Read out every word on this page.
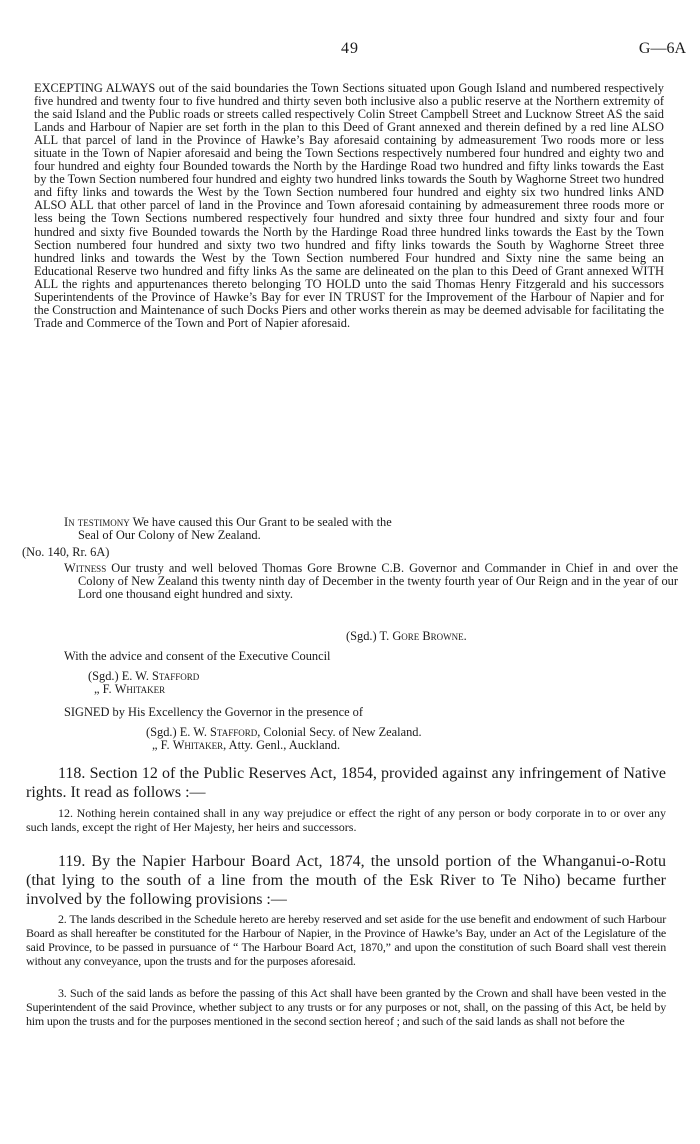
49	G—6A

EXCEPTING ALWAYS out of the said boundaries the Town Sections situated upon Gough Island and numbered respectively five hundred and twenty four to five hundred and thirty seven both inclusive also a public reserve at the Northern extremity of the said Island and the Public roads or streets called respectively Colin Street Campbell Street and Lucknow Street AS the said Lands and Harbour of Napier are set forth in the plan to this Deed of Grant annexed and therein defined by a red line ALSO ALL that parcel of land in the Province of Hawke’s Bay aforesaid containing by admeasurement Two roods more or less situate in the Town of Napier aforesaid and being the Town Sections respectively numbered four hundred and eighty two and four hundred and eighty four Bounded towards the North by the Hardinge Road two hundred and fifty links towards the East by the Town Section numbered four hundred and eighty two hundred links towards the South by Waghorne Street two hundred and fifty links and towards the West by the Town Section numbered four hundred and eighty six two hundred links AND ALSO ALL that other parcel of land in the Province and Town aforesaid containing by admeasurement three roods more or less being the Town Sections numbered respectively four hundred and sixty three four hundred and sixty four and four hundred and sixty five Bounded towards the North by the Hardinge Road three hundred links towards the East by the Town Section numbered four hundred and sixty two two hundred and fifty links towards the South by Waghorne Street three hundred links and towards the West by the Town Section numbered Four hundred and Sixty nine the same being an Educational Reserve two hundred and fifty links As the same are delineated on the plan to this Deed of Grant annexed WITH ALL the rights and appurtenances thereto belonging TO HOLD unto the said Thomas Henry Fitzgerald and his successors Superintendents of the Province of Hawke’s Bay for ever IN TRUST for the Improvement of the Harbour of Napier and for the Construction and Maintenance of such Docks Piers and other works therein as may be deemed advisable for facilitating the Trade and Commerce of the Town and Port of Napier aforesaid.

In testimony We have caused this Our Grant to be sealed with the

Seal of Our Colony of New Zealand.

(No. 140, Rr. 6A)

Witness Our trusty and well beloved Thomas Gore Browne C.B. Governor and Commander in Chief in and over the Colony of New Zealand this twenty ninth day of December in the twenty fourth year of Our Reign and in the year of our Lord one thousand eight hundred and sixty.

(Sgd.) T. Gore Browne.

With the advice and consent of the Executive Council

(Sgd.) E. W. Stafford

„ F. Whitaker

SIGNED by His Excellency the Governor in the presence of

(Sgd.) E. W. Stafford, Colonial Secy. of New Zealand.

„ F. Whitaker, Atty. Genl., Auckland.

118. Section 12 of the Public Reserves Act, 1854, provided against any infringement of Native rights. It read as follows :—

12. Nothing herein contained shall in any way prejudice or effect the right of any person or body corporate in to or over any such lands, except the right of Her Majesty, her heirs and successors.

119. By the Napier Harbour Board Act, 1874, the unsold portion of the Whanganui-o-Rotu (that lying to the south of a line from the mouth of the Esk River to Te Niho) became further involved by the following provisions :—

2. The lands described in the Schedule hereto are hereby reserved and set aside for the use benefit and endowment of such Harbour Board as shall hereafter be constituted for the Harbour of Napier, in the Province of Hawke’s Bay, under an Act of the Legislature of the said Province, to be passed in pursuance of “ The Harbour Board Act, 1870,” and upon the constitution of such Board shall vest therein without any conveyance, upon the trusts and for the purposes aforesaid.

3. Such of the said lands as before the passing of this Act shall have been granted by the Crown and shall have been vested in the Superintendent of the said Province, whether subject to any trusts or for any purposes or not, shall, on the passing of this Act, be held by him upon the trusts and for the purposes mentioned in the second section hereof ; and such of the said lands as shall not before the
